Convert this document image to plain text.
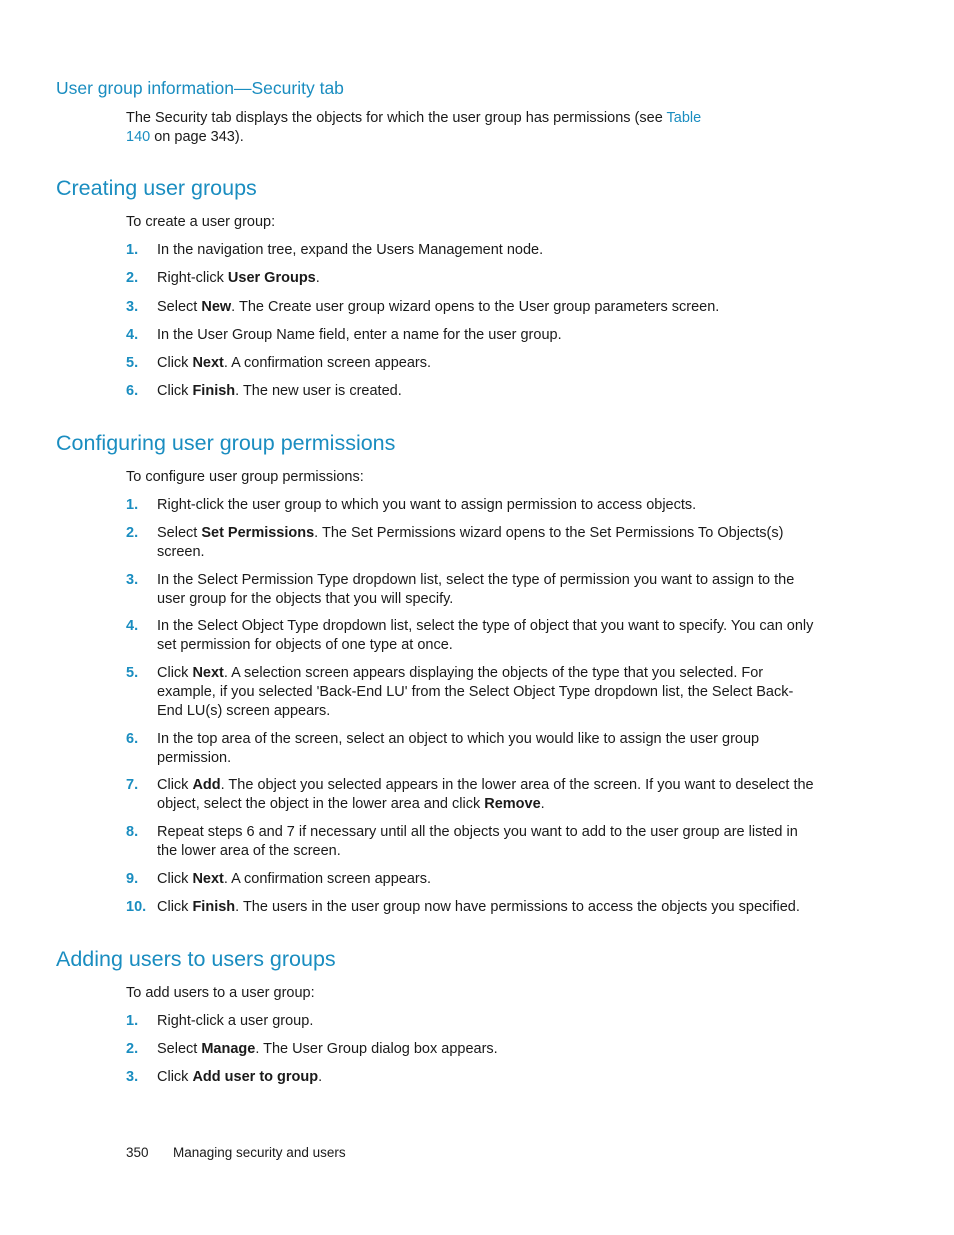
User group information—Security tab

The Security tab displays the objects for which the user group has permissions (see Table
140 on page 343).

Creating user groups

To create a user group:

1.	In the navigation tree, expand the Users Management node.
2.	Right-click User Groups.
3.	Select New. The Create user group wizard opens to the User group parameters screen.
4.	In the User Group Name field, enter a name for the user group.
5.	Click Next. A confirmation screen appears.
6.	Click Finish. The new user is created.
Configuring user group permissions

To configure user group permissions:

1.	Right-click the user group to which you want to assign permission to access objects.
2.	Select Set Permissions. The Set Permissions wizard opens to the Set Permissions To Objects(s) screen.
3.	In the Select Permission Type dropdown list, select the type of permission you want to assign to the user group for the objects that you will specify.
4.	In the Select Object Type dropdown list, select the type of object that you want to specify. You can only set permission for objects of one type at once.
5.	Click Next. A selection screen appears displaying the objects of the type that you selected. For example, if you selected 'Back-End LU' from the Select Object Type dropdown list, the Select Back-End LU(s) screen appears.
6.	In the top area of the screen, select an object to which you would like to assign the user group permission.
7.	Click Add. The object you selected appears in the lower area of the screen. If you want to deselect the object, select the object in the lower area and click Remove.
8.	Repeat steps 6 and 7 if necessary until all the objects you want to add to the user group are listed in the lower area of the screen.
9.	Click Next. A confirmation screen appears.
10. Click Finish. The users in the user group now have permissions to access the objects you specified.
Adding users to users groups

To add users to a user group:

1.	Right-click a user group.
2.	Select Manage. The User Group dialog box appears.
3.	Click Add user to group.
350 Managing security and users
